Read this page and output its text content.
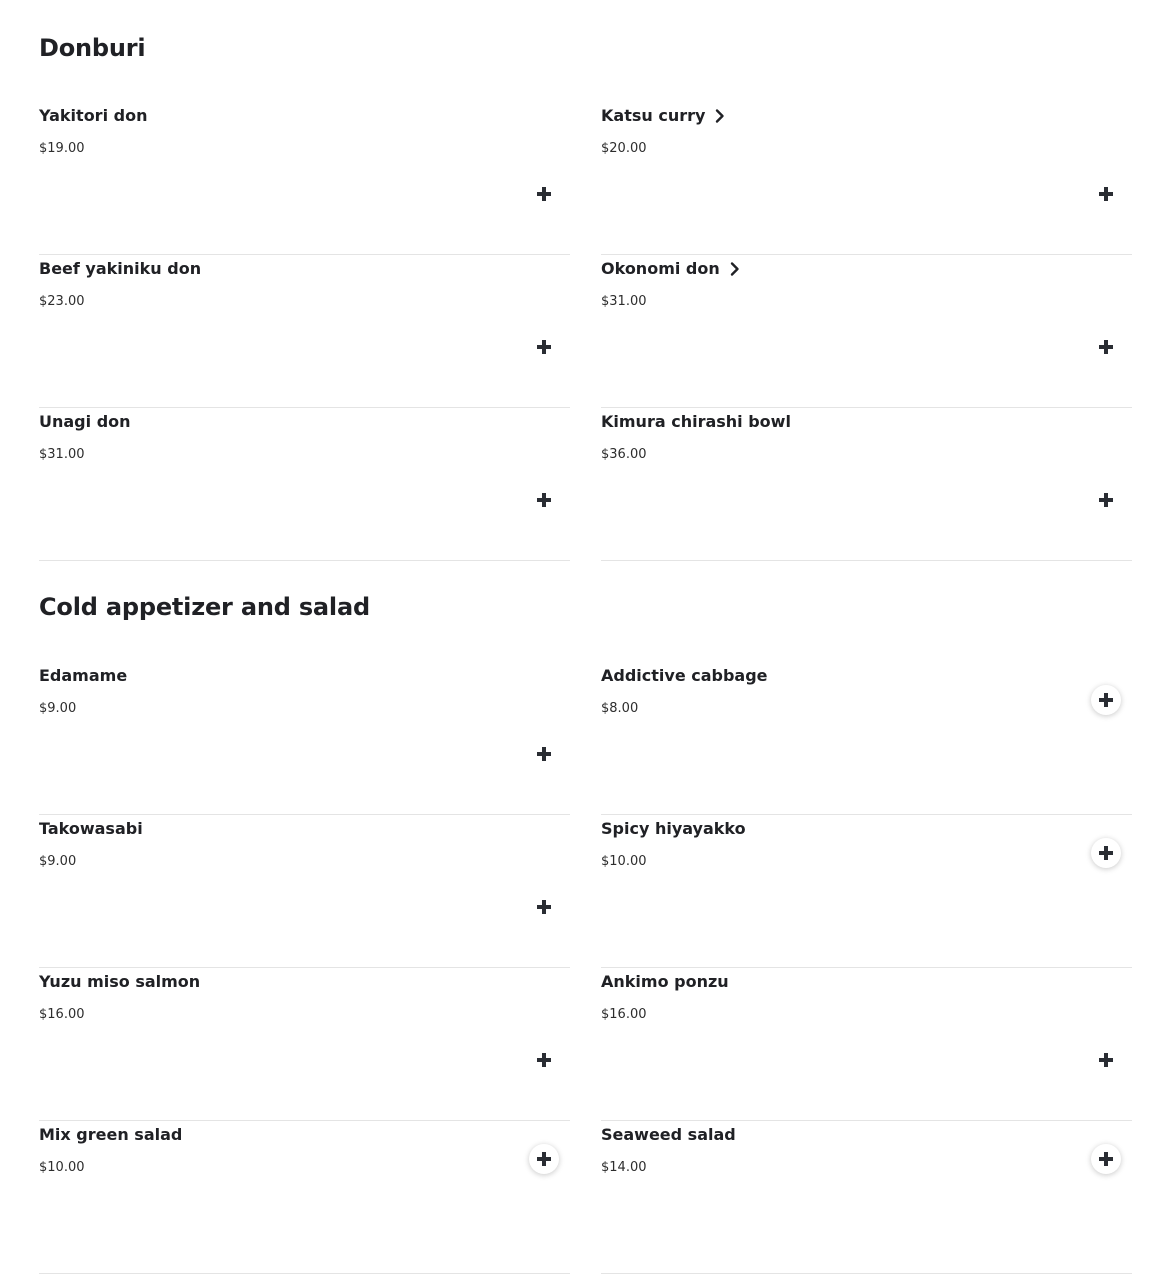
Donburi
Yakitori don
$19.00
Katsu curry
$20.00
Beef yakiniku don
$23.00
Okonomi don
$31.00
Unagi don
$31.00
Kimura chirashi bowl
$36.00
Cold appetizer and salad
Edamame
$9.00
Addictive cabbage
$8.00
Takowasabi
$9.00
Spicy hiyayakko
$10.00
Yuzu miso salmon
$16.00
Ankimo ponzu
$16.00
Mix green salad
$10.00
Seaweed salad
$14.00
